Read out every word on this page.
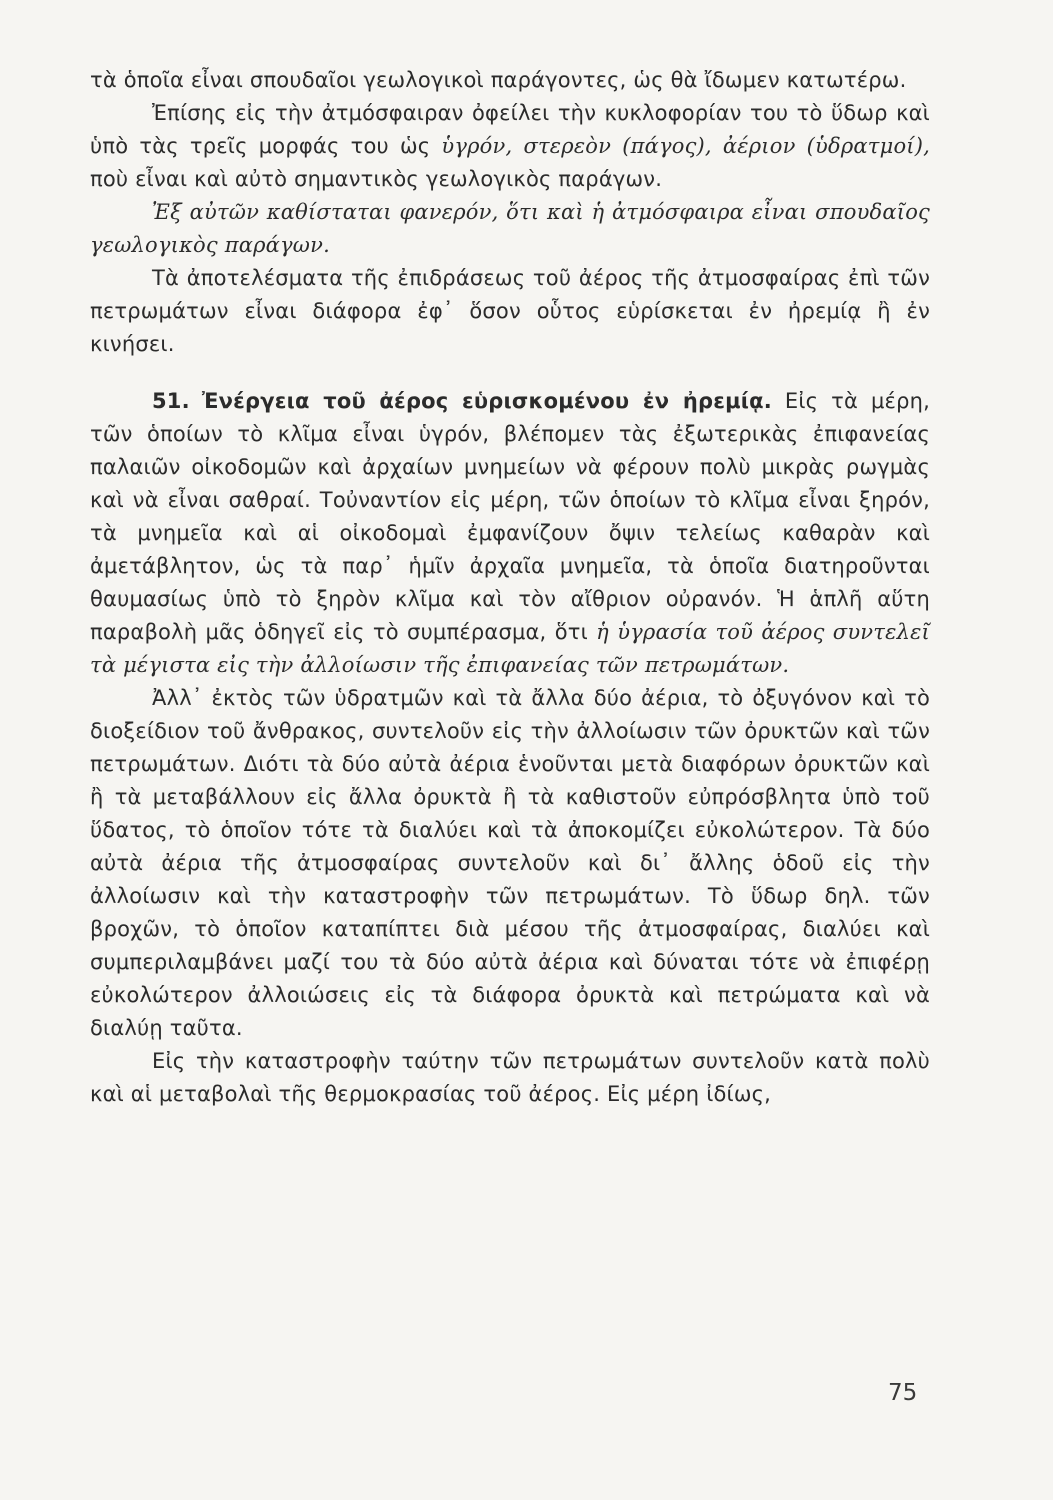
τὰ ὁποῖα εἶναι σπουδαῖοι γεωλογικοὶ παράγοντες, ὡς θὰ ἴδωμεν κατωτέρω.

Ἐπίσης εἰς τὴν ἀτμόσφαιραν ὀφείλει τὴν κυκλοφορίαν του τὸ ὕδωρ καὶ ὑπὸ τὰς τρεῖς μορφάς του ὡς ὑγρόν, στερεὸν (πάγος), ἀέριον (ὑδρατμοί), ποὺ εἶναι καὶ αὐτὸ σημαντικὸς γεωλογικὸς παράγων.

Ἐξ αὐτῶν καθίσταται φανερόν, ὅτι καὶ ἡ ἀτμόσφαιρα εἶναι σπουδαῖος γεωλογικὸς παράγων.

Τὰ ἀποτελέσματα τῆς ἐπιδράσεως τοῦ ἀέρος τῆς ἀτμοσφαίρας ἐπὶ τῶν πετρωμάτων εἶναι διάφορα ἐφ᾽ ὅσον οὗτος εὑρίσκεται ἐν ἠρεμίᾳ ἢ ἐν κινήσει.

51. Ἐνέργεια τοῦ ἀέρος εὑρισκομένου ἐν ἠρεμίᾳ. Εἰς τὰ μέρη, τῶν ὁποίων τὸ κλῖμα εἶναι ὑγρόν, βλέπομεν τὰς ἐξωτερικὰς ἐπιφανείας παλαιῶν οἰκοδομῶν καὶ ἀρχαίων μνημείων νὰ φέρουν πολὺ μικρὰς ρωγμὰς καὶ νὰ εἶναι σαθραί. Τοὐναντίον εἰς μέρη, τῶν ὁποίων τὸ κλῖμα εἶναι ξηρόν, τὰ μνημεῖα καὶ αἱ οἰκοδομαὶ ἐμφανίζουν ὄψιν τελείως καθαρὰν καὶ ἀμετάβλητον, ὡς τὰ παρ᾽ ἡμῖν ἀρχαῖα μνημεῖα, τὰ ὁποῖα διατηροῦνται θαυμασίως ὑπὸ τὸ ξηρὸν κλῖμα καὶ τὸν αἴθριον οὐρανόν. Ἡ ἁπλῆ αὕτη παραβολὴ μᾶς ὁδηγεῖ εἰς τὸ συμπέρασμα, ὅτι ἡ ὑγρασία τοῦ ἀέρος συντελεῖ τὰ μέγιστα εἰς τὴν ἀλλοίωσιν τῆς ἐπιφανείας τῶν πετρωμάτων.

Ἀλλ᾽ ἐκτὸς τῶν ὑδρατμῶν καὶ τὰ ἄλλα δύο ἀέρια, τὸ ὀξυγόνον καὶ τὸ διοξείδιον τοῦ ἄνθρακος, συντελοῦν εἰς τὴν ἀλλοίωσιν τῶν ὀρυκτῶν καὶ τῶν πετρωμάτων. Διότι τὰ δύο αὐτὰ ἀέρια ἑνοῦνται μετὰ διαφόρων ὀρυκτῶν καὶ ἢ τὰ μεταβάλλουν εἰς ἄλλα ὀρυκτὰ ἢ τὰ καθιστοῦν εὐπρόσβλητα ὑπὸ τοῦ ὕδατος, τὸ ὁποῖον τότε τὰ διαλύει καὶ τὰ ἀποκομίζει εὐκολώτερον. Τὰ δύο αὐτὰ ἀέρια τῆς ἀτμοσφαίρας συντελοῦν καὶ δι᾽ ἄλλης ὁδοῦ εἰς τὴν ἀλλοίωσιν καὶ τὴν καταστροφὴν τῶν πετρωμάτων. Τὸ ὕδωρ δηλ. τῶν βροχῶν, τὸ ὁποῖον καταπίπτει διὰ μέσου τῆς ἀτμοσφαίρας, διαλύει καὶ συμπεριλαμβάνει μαζί του τὰ δύο αὐτὰ ἀέρια καὶ δύναται τότε νὰ ἐπιφέρῃ εὐκολώτερον ἀλλοιώσεις εἰς τὰ διάφορα ὀρυκτὰ καὶ πετρώματα καὶ νὰ διαλύῃ ταῦτα.

Εἰς τὴν καταστροφὴν ταύτην τῶν πετρωμάτων συντελοῦν κατὰ πολὺ καὶ αἱ μεταβολαὶ τῆς θερμοκρασίας τοῦ ἀέρος. Εἰς μέρη ἰδίως,

75
